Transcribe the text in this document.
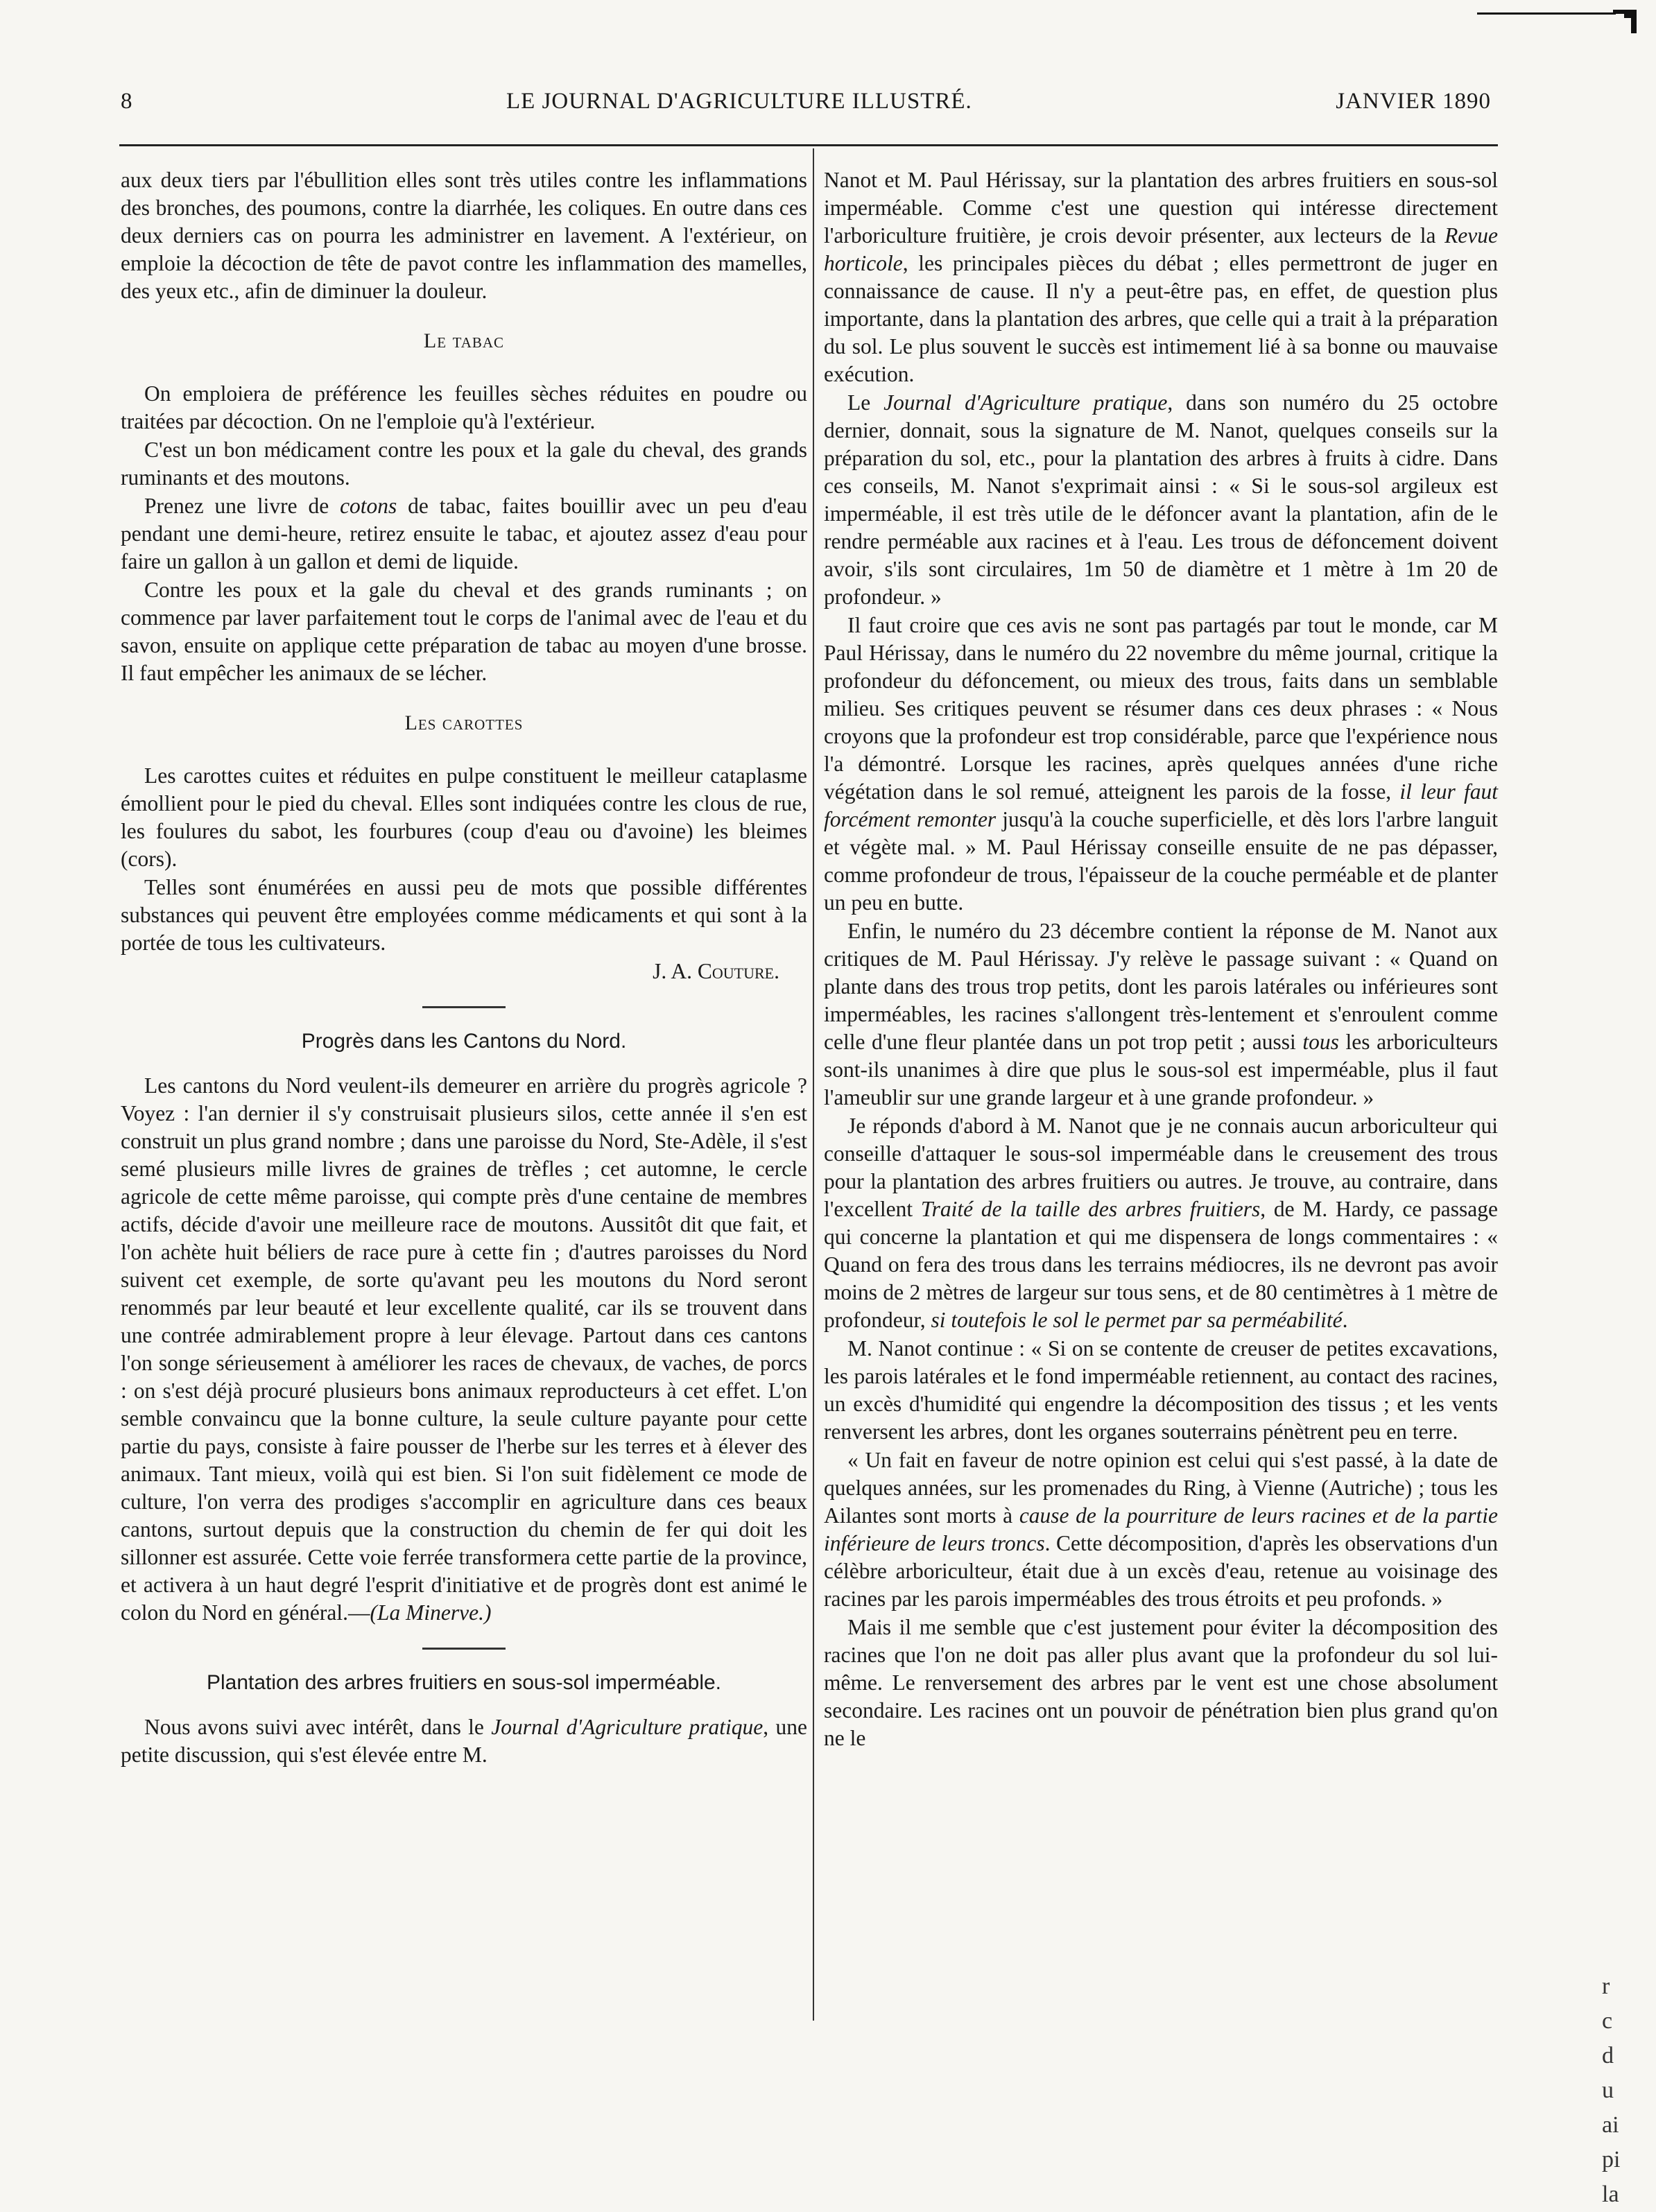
8	LE JOURNAL D'AGRICULTURE ILLUSTRÉ.	JANVIER 1890

aux deux tiers par l'ébullition elles sont très utiles contre les inflammations des bronches, des poumons, contre la diarrhée, les coliques. En outre dans ces deux derniers cas on pourra les administrer en lavement. A l'extérieur, on emploie la décoction de tête de pavot contre les inflammation des mamelles, des yeux etc., afin de diminuer la douleur.

Le tabac

On emploiera de préférence les feuilles sèches réduites en poudre ou traitées par décoction. On ne l'emploie qu'à l'extérieur.

C'est un bon médicament contre les poux et la gale du cheval, des grands ruminants et des moutons.

Prenez une livre de cotons de tabac, faites bouillir avec un peu d'eau pendant une demi-heure, retirez ensuite le tabac, et ajoutez assez d'eau pour faire un gallon à un gallon et demi de liquide.

Contre les poux et la gale du cheval et des grands ruminants ; on commence par laver parfaitement tout le corps de l'animal avec de l'eau et du savon, ensuite on applique cette préparation de tabac au moyen d'une brosse. Il faut empêcher les animaux de se lécher.

Les carottes

Les carottes cuites et réduites en pulpe constituent le meilleur cataplasme émollient pour le pied du cheval. Elles sont indiquées contre les clous de rue, les foulures du sabot, les fourbures (coup d'eau ou d'avoine) les bleimes (cors).

Telles sont énumérées en aussi peu de mots que possible différentes substances qui peuvent être employées comme médicaments et qui sont à la portée de tous les cultivateurs.

J. A. Couture.

Progrès dans les Cantons du Nord.

Les cantons du Nord veulent-ils demeurer en arrière du progrès agricole ? Voyez : l'an dernier il s'y construisait plusieurs silos, cette année il s'en est construit un plus grand nombre ; dans une paroisse du Nord, Ste-Adèle, il s'est semé plusieurs mille livres de graines de trèfles ; cet automne, le cercle agricole de cette même paroisse, qui compte près d'une centaine de membres actifs, décide d'avoir une meilleure race de moutons. Aussitôt dit que fait, et l'on achète huit béliers de race pure à cette fin ; d'autres paroisses du Nord suivent cet exemple, de sorte qu'avant peu les moutons du Nord seront renommés par leur beauté et leur excellente qualité, car ils se trouvent dans une contrée admirablement propre à leur élevage. Partout dans ces cantons l'on songe sérieusement à améliorer les races de chevaux, de vaches, de porcs : on s'est déjà procuré plusieurs bons animaux reproducteurs à cet effet. L'on semble convaincu que la bonne culture, la seule culture payante pour cette partie du pays, consiste à faire pousser de l'herbe sur les terres et à élever des animaux. Tant mieux, voilà qui est bien. Si l'on suit fidèlement ce mode de culture, l'on verra des prodiges s'accomplir en agriculture dans ces beaux cantons, surtout depuis que la construction du chemin de fer qui doit les sillonner est assurée. Cette voie ferrée transformera cette partie de la province, et activera à un haut degré l'esprit d'initiative et de progrès dont est animé le colon du Nord en général.—(La Minerve.)

Plantation des arbres fruitiers en sous-sol imperméable.

Nous avons suivi avec intérêt, dans le Journal d'Agriculture pratique, une petite discussion, qui s'est élevée entre M.

Nanot et M. Paul Hérissay, sur la plantation des arbres fruitiers en sous-sol imperméable. Comme c'est une question qui intéresse directement l'arboriculture fruitière, je crois devoir présenter, aux lecteurs de la Revue horticole, les principales pièces du débat ; elles permettront de juger en connaissance de cause. Il n'y a peut-être pas, en effet, de question plus importante, dans la plantation des arbres, que celle qui a trait à la préparation du sol. Le plus souvent le succès est intimement lié à sa bonne ou mauvaise exécution.

Le Journal d'Agriculture pratique, dans son numéro du 25 octobre dernier, donnait, sous la signature de M. Nanot, quelques conseils sur la préparation du sol, etc., pour la plantation des arbres à fruits à cidre. Dans ces conseils, M. Nanot s'exprimait ainsi : « Si le sous-sol argileux est imperméable, il est très utile de le défoncer avant la plantation, afin de le rendre perméable aux racines et à l'eau. Les trous de défoncement doivent avoir, s'ils sont circulaires, 1m 50 de diamètre et 1 mètre à 1m 20 de profondeur. »

Il faut croire que ces avis ne sont pas partagés par tout le monde, car M Paul Hérissay, dans le numéro du 22 novembre du même journal, critique la profondeur du défoncement, ou mieux des trous, faits dans un semblable milieu. Ses critiques peuvent se résumer dans ces deux phrases : « Nous croyons que la profondeur est trop considérable, parce que l'expérience nous l'a démontré. Lorsque les racines, après quelques années d'une riche végétation dans le sol remué, atteignent les parois de la fosse, il leur faut forcément remonter jusqu'à la couche superficielle, et dès lors l'arbre languit et végète mal. » M. Paul Hérissay conseille ensuite de ne pas dépasser, comme profondeur de trous, l'épaisseur de la couche perméable et de planter un peu en butte.

Enfin, le numéro du 23 décembre contient la réponse de M. Nanot aux critiques de M. Paul Hérissay. J'y relève le passage suivant : « Quand on plante dans des trous trop petits, dont les parois latérales ou inférieures sont imperméables, les racines s'allongent très-lentement et s'enroulent comme celle d'une fleur plantée dans un pot trop petit ; aussi tous les arboriculteurs sont-ils unanimes à dire que plus le sous-sol est imperméable, plus il faut l'ameublir sur une grande largeur et à une grande profondeur. »

Je réponds d'abord à M. Nanot que je ne connais aucun arboriculteur qui conseille d'attaquer le sous-sol imperméable dans le creusement des trous pour la plantation des arbres fruitiers ou autres. Je trouve, au contraire, dans l'excellent Traité de la taille des arbres fruitiers, de M. Hardy, ce passage qui concerne la plantation et qui me dispensera de longs commentaires : « Quand on fera des trous dans les terrains médiocres, ils ne devront pas avoir moins de 2 mètres de largeur sur tous sens, et de 80 centimètres à 1 mètre de profondeur, si toutefois le sol le permet par sa perméabilité.

M. Nanot continue : « Si on se contente de creuser de petites excavations, les parois latérales et le fond imperméable retiennent, au contact des racines, un excès d'humidité qui engendre la décomposition des tissus ; et les vents renversent les arbres, dont les organes souterrains pénètrent peu en terre.

« Un fait en faveur de notre opinion est celui qui s'est passé, à la date de quelques années, sur les promenades du Ring, à Vienne (Autriche) ; tous les Ailantes sont morts à cause de la pourriture de leurs racines et de la partie inférieure de leurs troncs. Cette décomposition, d'après les observations d'un célèbre arboriculteur, était due à un excès d'eau, retenue au voisinage des racines par les parois imperméables des trous étroits et peu profonds. »

Mais il me semble que c'est justement pour éviter la décomposition des racines que l'on ne doit pas aller plus avant que la profondeur du sol lui-même. Le renversement des arbres par le vent est une chose absolument secondaire. Les racines ont un pouvoir de pénétration bien plus grand qu'on ne le

r
c
d
u
ai
pi
la
